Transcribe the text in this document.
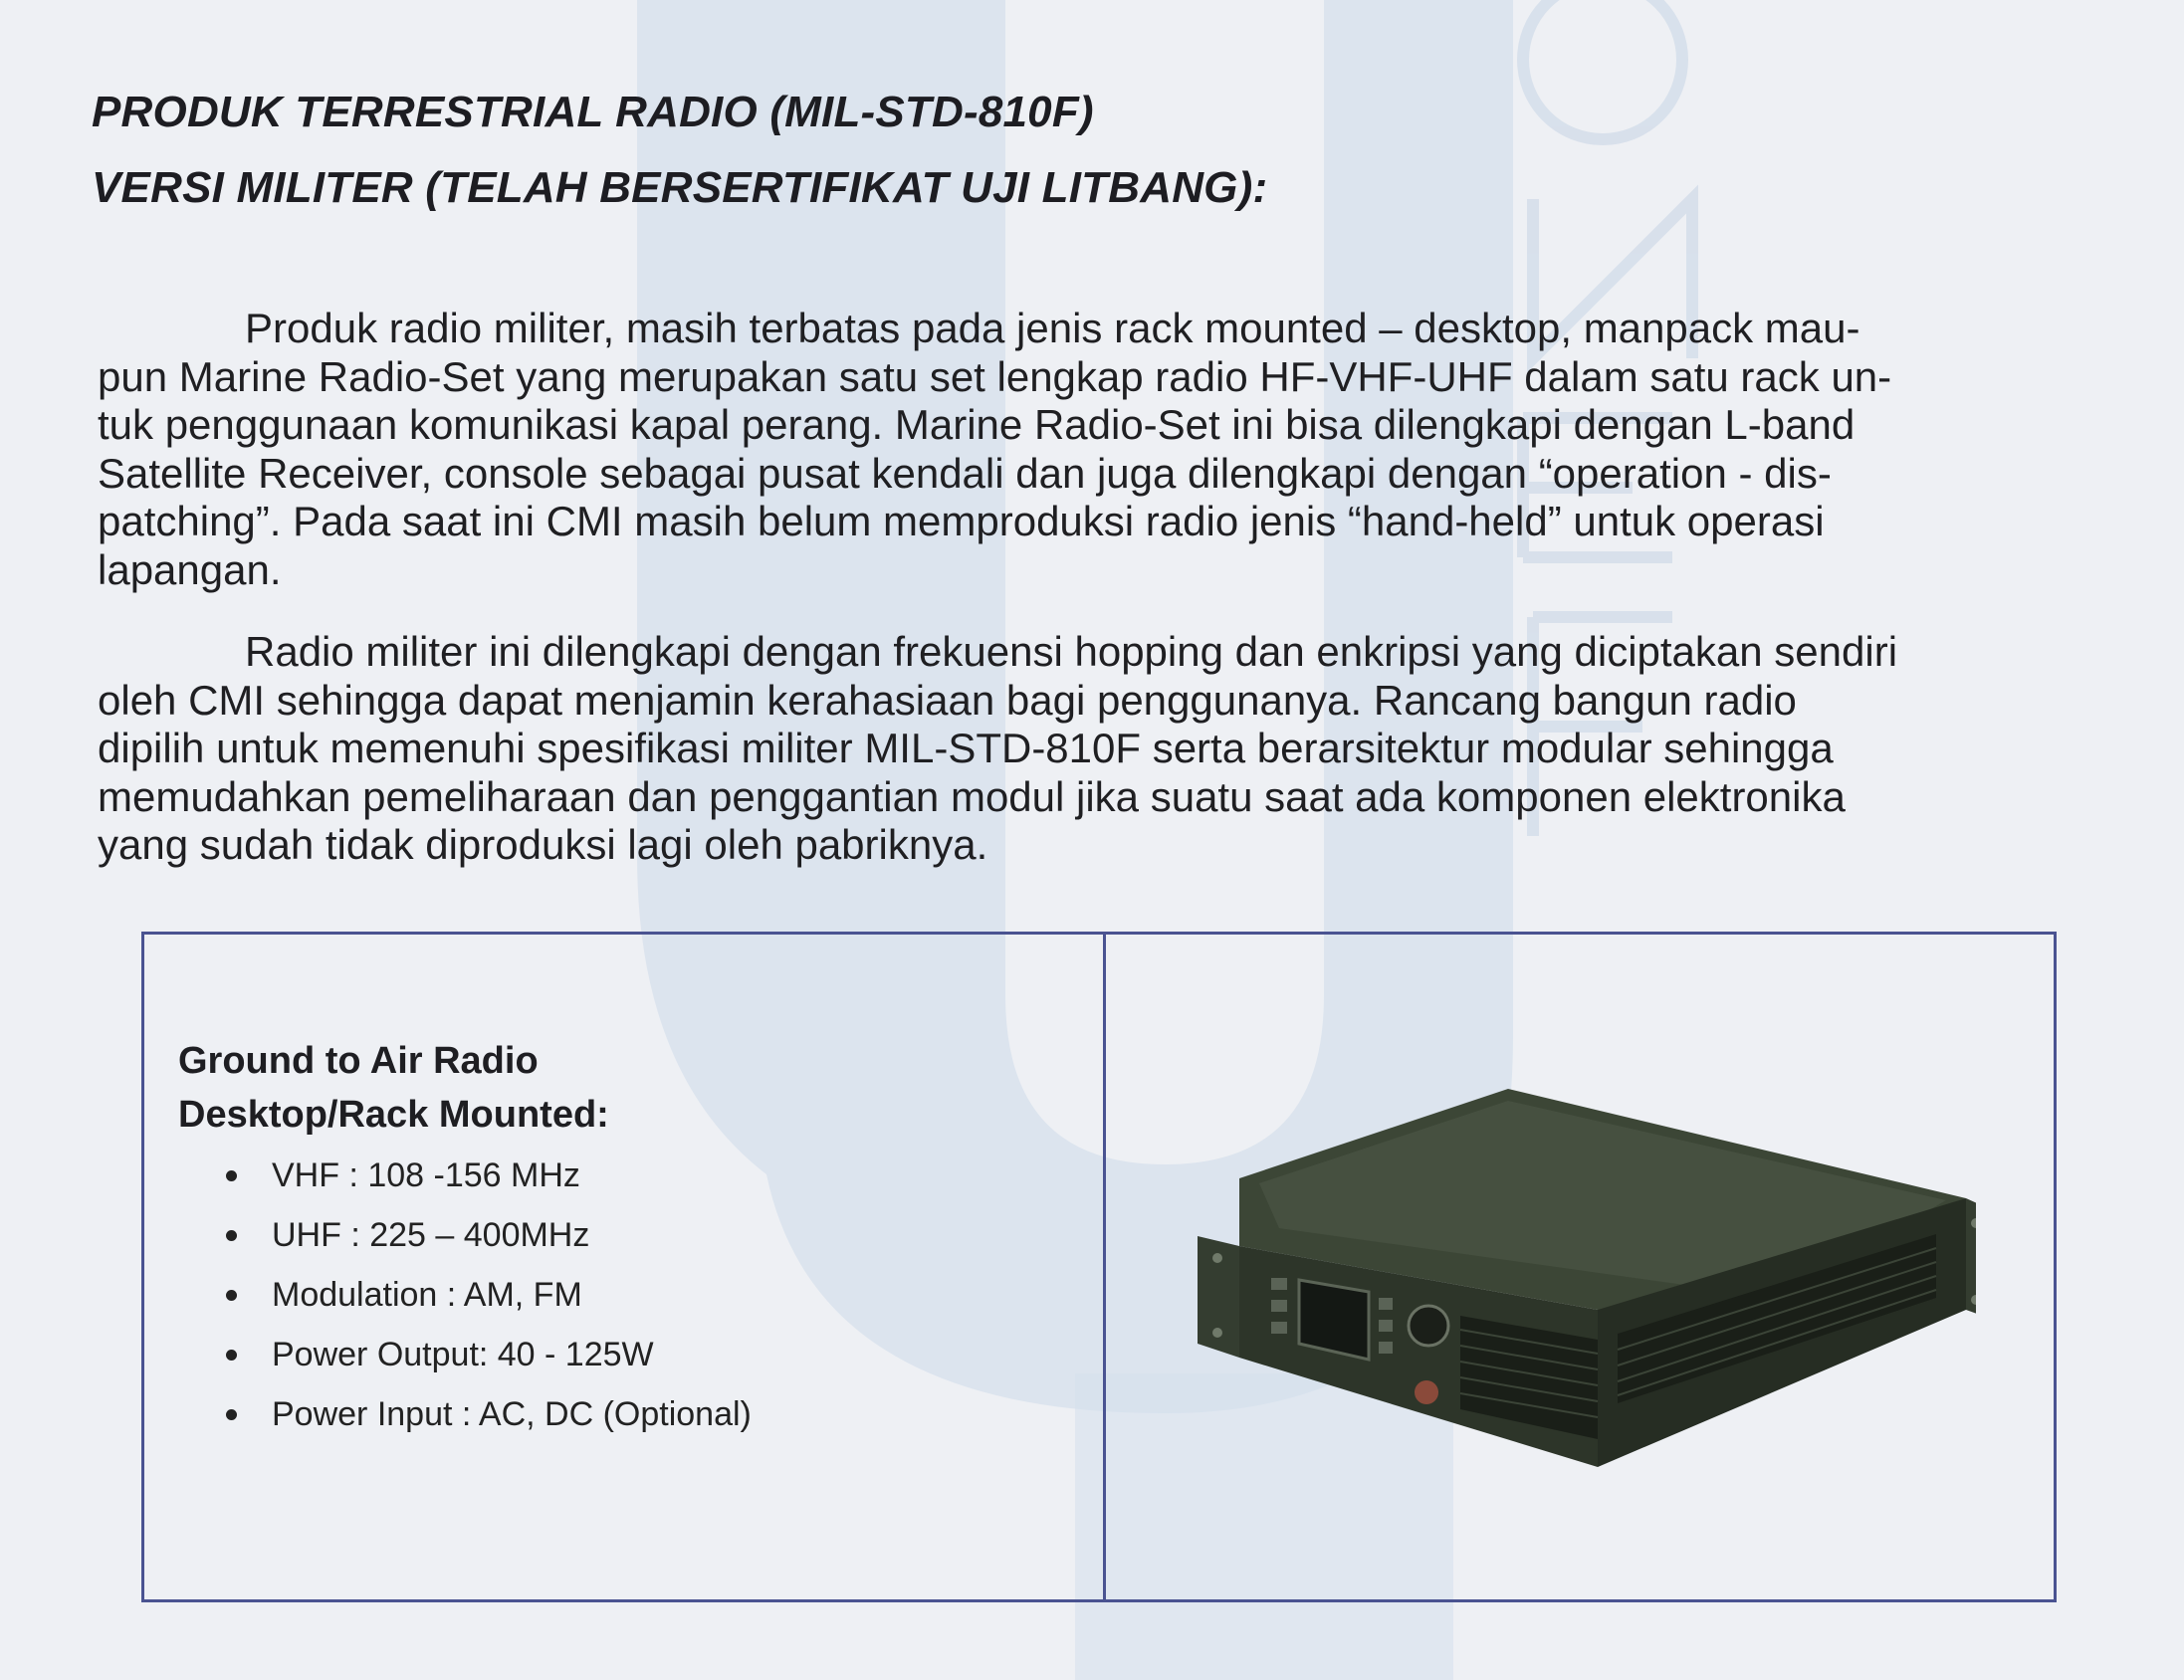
PRODUK TERRESTRIAL RADIO (MIL-STD-810F)
VERSI MILITER (TELAH BERSERTIFIKAT UJI LITBANG):
Produk radio militer, masih terbatas pada jenis rack mounted – desktop, manpack mau-
pun Marine Radio-Set yang merupakan satu set lengkap radio HF-VHF-UHF dalam satu rack un-
tuk penggunaan komunikasi kapal perang. Marine Radio-Set ini bisa dilengkapi dengan L-band
Satellite Receiver, console sebagai pusat kendali dan juga dilengkapi dengan “operation - dis-
patching”. Pada saat ini CMI masih belum memproduksi radio jenis “hand-held” untuk operasi
lapangan.
Radio militer ini dilengkapi dengan frekuensi hopping dan enkripsi yang diciptakan sendiri
oleh CMI sehingga dapat menjamin kerahasiaan bagi penggunanya. Rancang bangun radio
dipilih untuk memenuhi spesifikasi militer MIL-STD-810F serta berarsitektur modular sehingga
memudahkan pemeliharaan dan penggantian modul jika suatu saat ada komponen elektronika
yang sudah tidak diproduksi lagi oleh pabriknya.
Ground to Air Radio
Desktop/Rack Mounted:
VHF : 108 -156 MHz
UHF : 225 – 400MHz
Modulation : AM, FM
Power Output: 40 - 125W
Power Input : AC, DC (Optional)
